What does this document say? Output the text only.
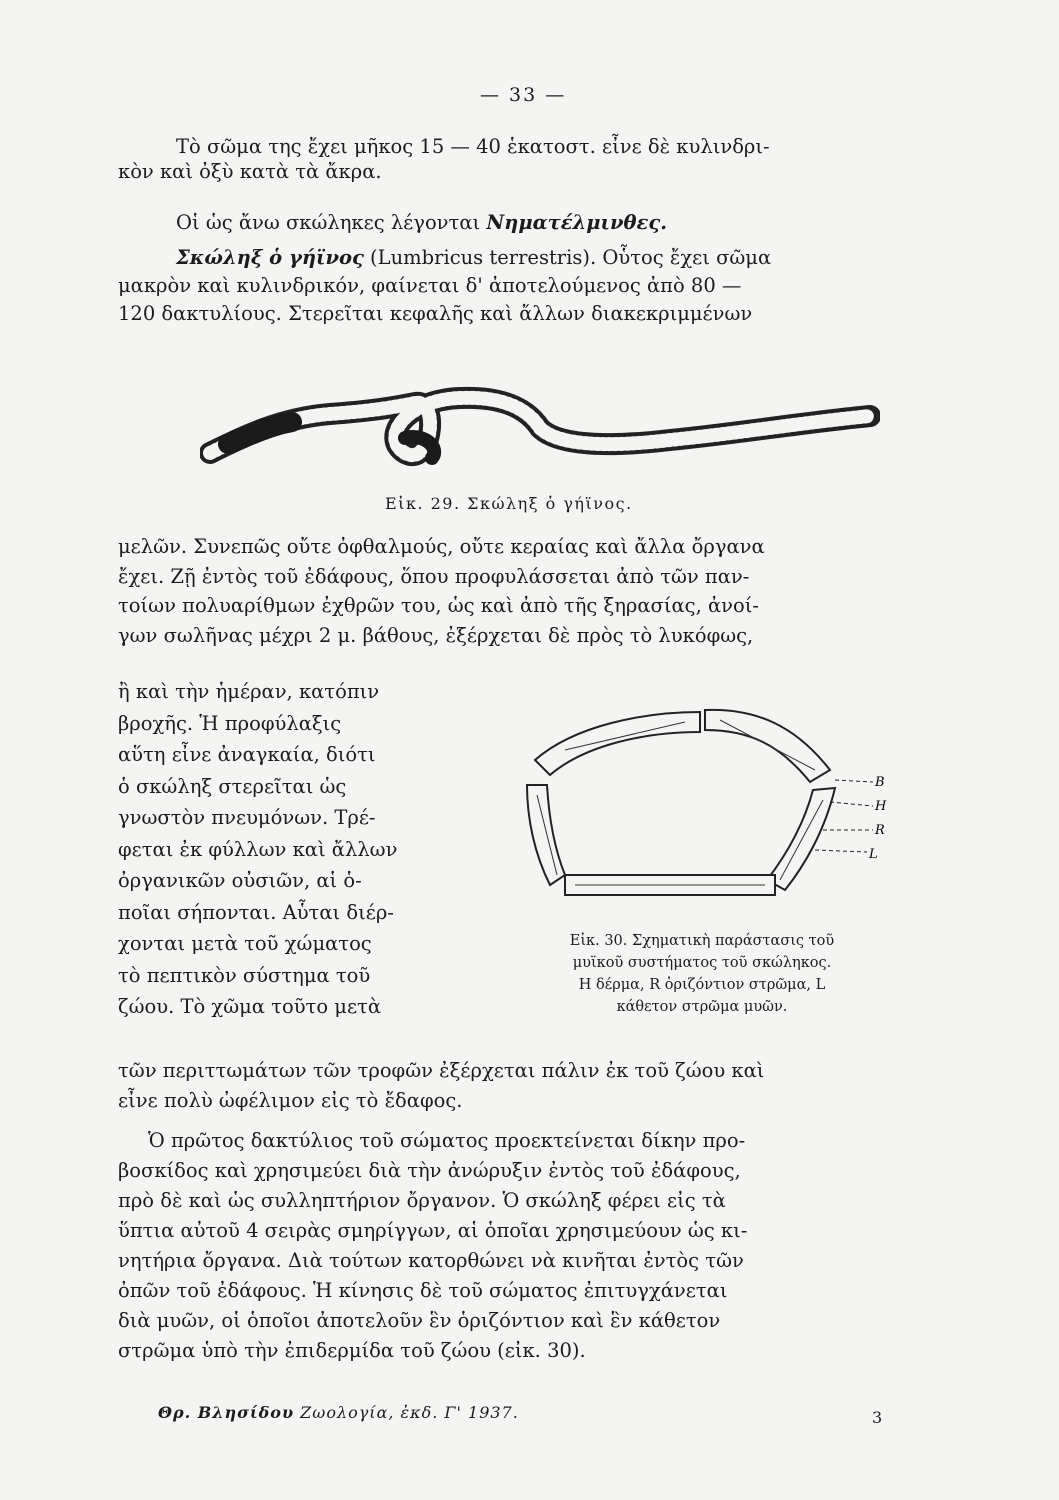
— 33 —

Τὸ σῶμα της ἔχει μῆκος 15 — 40 ἑκατοστ. εἶνε δὲ κυλινδρι-
κὸν καὶ ὀξὺ κατὰ τὰ ἄκρα.

Οἱ ὡς ἄνω σκώληκες λέγονται Νηματέλμινθες.

Σκώληξ ὁ γήϊνος (Lumbricus terrestris). Οὗτος ἔχει σῶμα
μακρὸν καὶ κυλινδρικόν, φαίνεται δ' ἀποτελούμενος ἀπὸ 80 —
120 δακτυλίους. Στερεῖται κεφαλῆς καὶ ἄλλων διακεκριμμένων

Εἰκ. 29. Σκώληξ ὁ γήϊνος.

μελῶν. Συνεπῶς οὔτε ὀφθαλμούς, οὔτε κεραίας καὶ ἄλλα ὄργανα
ἔχει. Ζῇ ἐντὸς τοῦ ἐδάφους, ὅπου προφυλάσσεται ἀπὸ τῶν παν-
τοίων πολυαρίθμων ἐχθρῶν του, ὡς καὶ ἀπὸ τῆς ξηρασίας, ἀνοί-
γων σωλῆνας μέχρι 2 μ. βάθους, ἐξέρχεται δὲ πρὸς τὸ λυκόφως,

ἢ καὶ τὴν ἡμέραν, κατόπιν
βροχῆς. Ἡ προφύλαξις
αὕτη εἶνε ἀναγκαία, διότι
ὁ σκώληξ στερεῖται ὡς
γνωστὸν πνευμόνων. Τρέ-
φεται ἐκ φύλλων καὶ ἄλλων
ὀργανικῶν οὐσιῶν, αἱ ὁ-
ποῖαι σήπονται. Αὗται διέρ-
χονται μετὰ τοῦ χώματος
τὸ πεπτικὸν σύστημα τοῦ
ζώου. Τὸ χῶμα τοῦτο μετὰ

B
H
R
L
Εἰκ. 30. Σχηματικὴ παράστασις τοῦ
μυϊκοῦ συστήματος τοῦ σκώληκος.
Η δέρμα, R ὁριζόντιον στρῶμα, L
κάθετον στρῶμα μυῶν.

τῶν περιττωμάτων τῶν τροφῶν ἐξέρχεται πάλιν ἐκ τοῦ ζώου καὶ
εἶνε πολὺ ὠφέλιμον εἰς τὸ ἔδαφος.

Ὁ πρῶτος δακτύλιος τοῦ σώματος προεκτείνεται δίκην προ-
βοσκίδος καὶ χρησιμεύει διὰ τὴν ἀνώρυξιν ἐντὸς τοῦ ἐδάφους,
πρὸ δὲ καὶ ὡς συλληπτήριον ὄργανον. Ὁ σκώληξ φέρει εἰς τὰ
ὕπτια αὐτοῦ 4 σειρὰς σμηρίγγων, αἱ ὁποῖαι χρησιμεύουν ὡς κι-
νητήρια ὄργανα. Διὰ τούτων κατορθώνει νὰ κινῆται ἐντὸς τῶν
ὀπῶν τοῦ ἐδάφους. Ἡ κίνησις δὲ τοῦ σώματος ἐπιτυγχάνεται
διὰ μυῶν, οἱ ὁποῖοι ἀποτελοῦν ἓν ὁριζόντιον καὶ ἓν κάθετον
στρῶμα ὑπὸ τὴν ἐπιδερμίδα τοῦ ζώου (εἰκ. 30).

Θρ. Βλησίδου Ζωολογία, ἐκδ. Γ' 1937.	3
